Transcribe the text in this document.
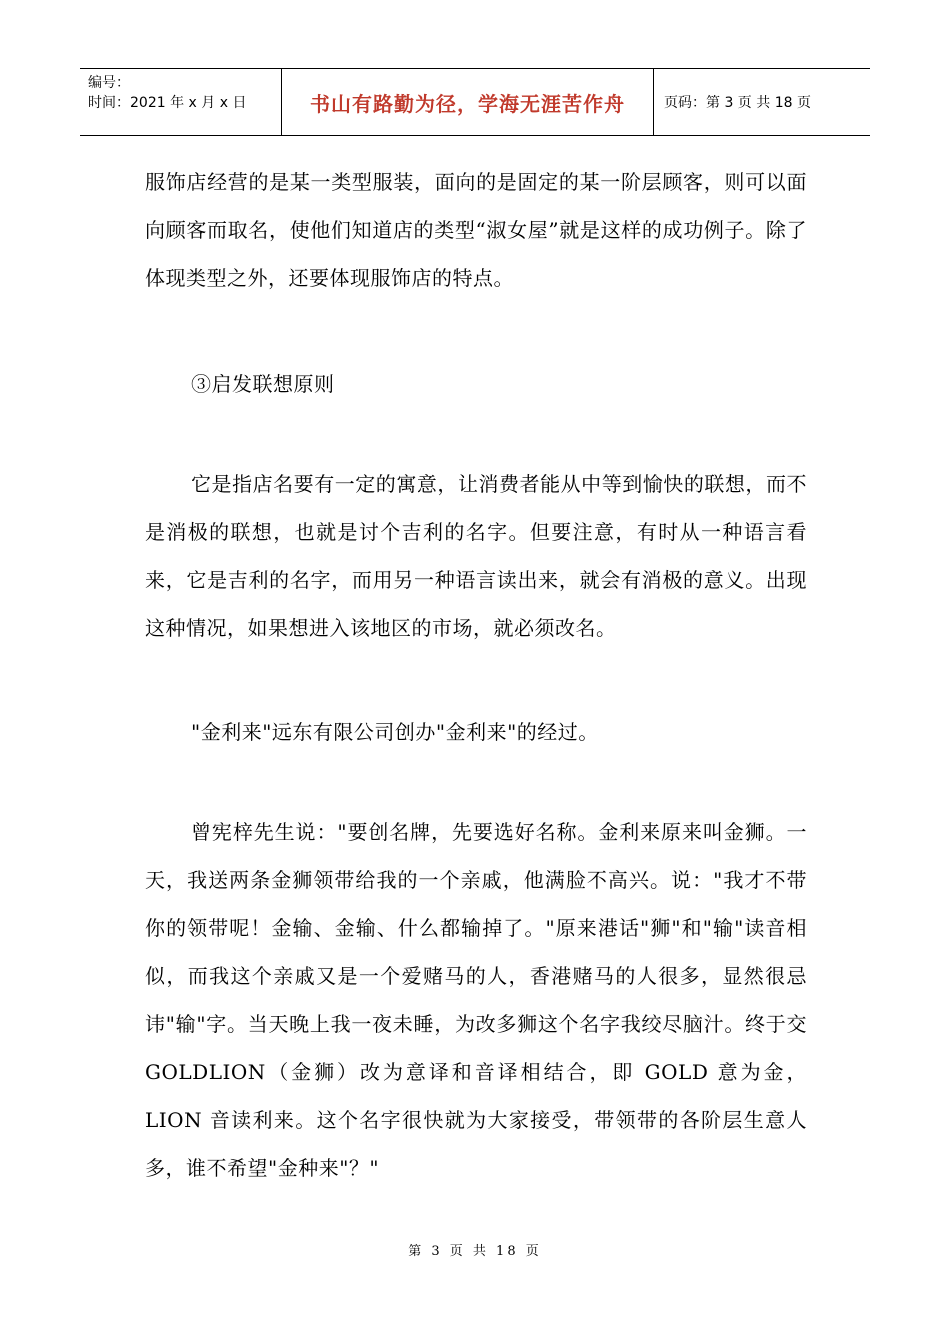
编号：
时间：2021 年 x 月 x 日	书山有路勤为径，学海无涯苦作舟	页码：第 3 页 共 18 页

服饰店经营的是某一类型服装，面向的是固定的某一阶层顾客，则可以面向顾客而取名，使他们知道店的类型“淑女屋”就是这样的成功例子。除了体现类型之外，还要体现服饰店的特点。

③启发联想原则

它是指店名要有一定的寓意，让消费者能从中等到愉快的联想，而不是消极的联想，也就是讨个吉利的名字。但要注意，有时从一种语言看来，它是吉利的名字，而用另一种语言读出来，就会有消极的意义。出现这种情况，如果想进入该地区的市场，就必须改名。

"金利来"远东有限公司创办"金利来"的经过。

曾宪梓先生说："要创名牌，先要选好名称。金利来原来叫金狮。一天，我送两条金狮领带给我的一个亲戚，他满脸不高兴。说："我才不带你的领带呢！金输、金输、什么都输掉了。"原来港话"狮"和"输"读音相似，而我这个亲戚又是一个爱赌马的人，香港赌马的人很多，显然很忌讳"输"字。当天晚上我一夜未睡，为改多狮这个名字我绞尽脑汁。终于交 GOLDLION（金狮）改为意译和音译相结合，即 GOLD 意为金，LION 音读利来。这个名字很快就为大家接受，带领带的各阶层生意人多，谁不希望"金种来"？"

第 3 页 共 18 页
